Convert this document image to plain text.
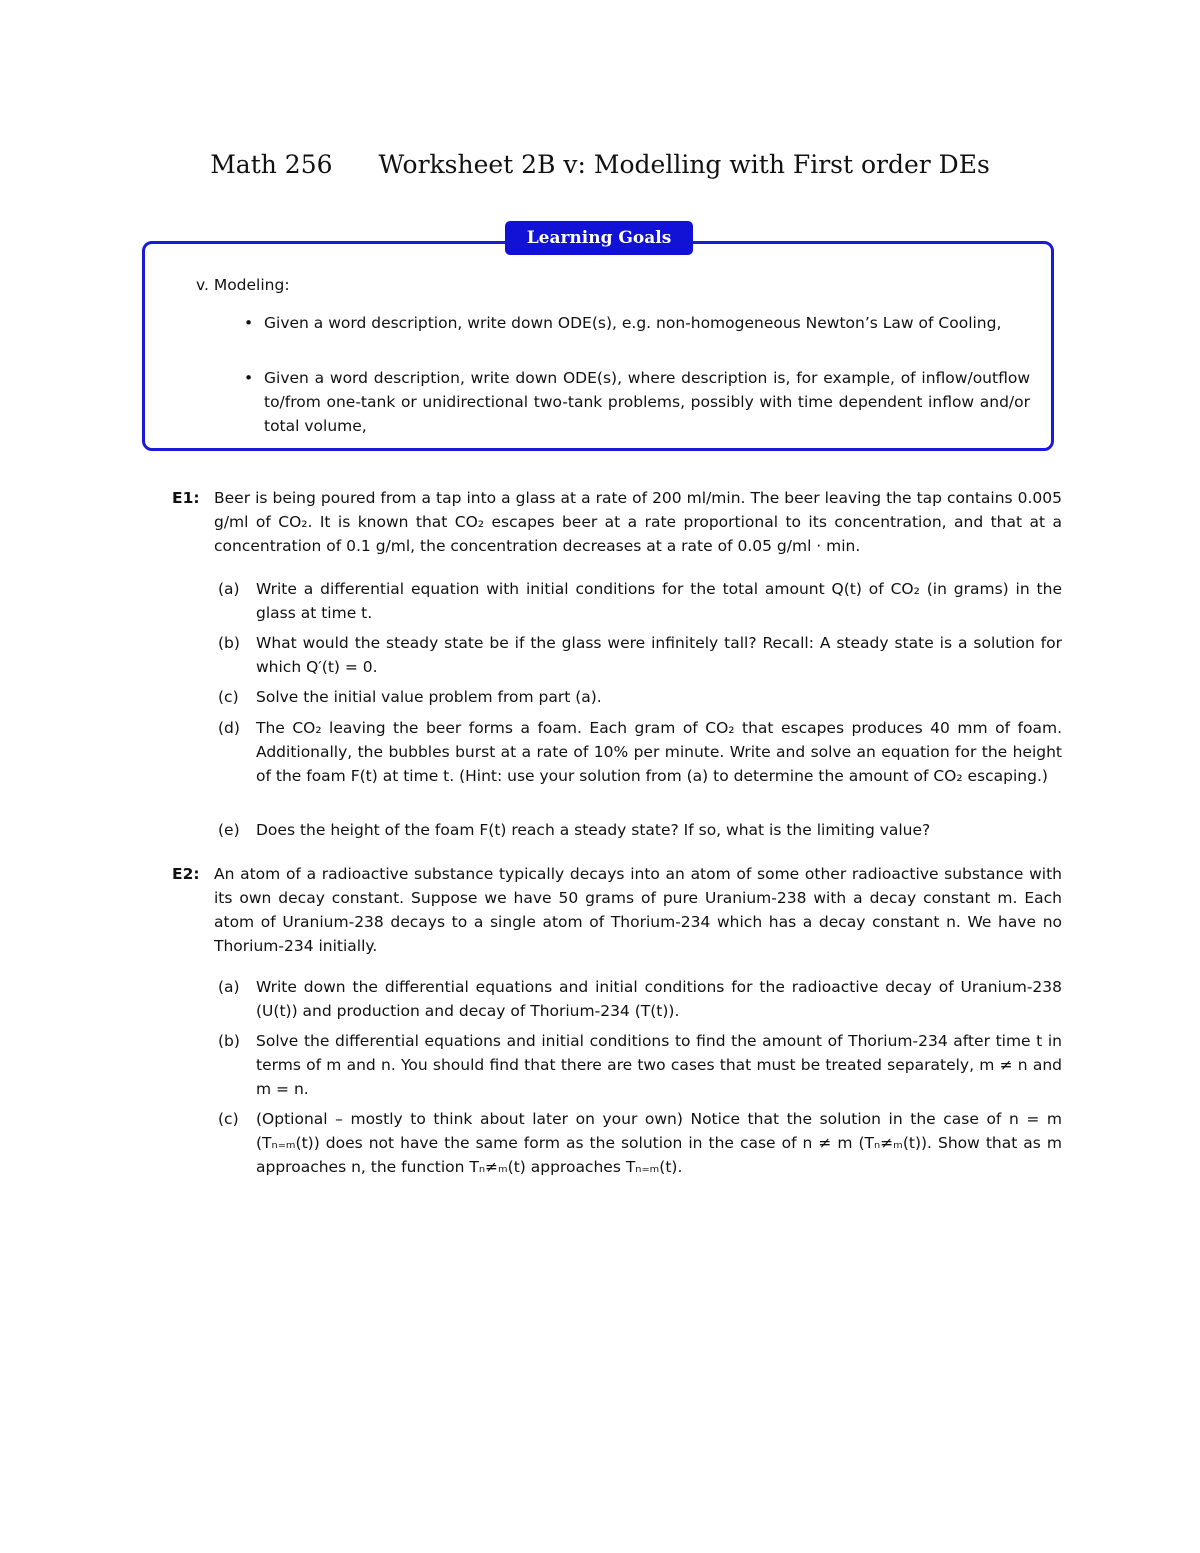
Math 256 Worksheet 2B v: Modelling with First order DEs
Learning Goals
v. Modeling:
• Given a word description, write down ODE(s), e.g. non-homogeneous Newton’s Law of Cooling,
• Given a word description, write down ODE(s), where description is, for example, of inflow/outflow to/from one-tank or unidirectional two-tank problems, possibly with time dependent inflow and/or total volume,
E1: Beer is being poured from a tap into a glass at a rate of 200 ml/min. The beer leaving the tap contains 0.005 g/ml of CO₂. It is known that CO₂ escapes beer at a rate proportional to its concentration, and that at a concentration of 0.1 g/ml, the concentration decreases at a rate of 0.05 g/ml · min.
(a) Write a differential equation with initial conditions for the total amount Q(t) of CO₂ (in grams) in the glass at time t.
(b) What would the steady state be if the glass were infinitely tall? Recall: A steady state is a solution for which Q′(t) = 0.
(c) Solve the initial value problem from part (a).
(d) The CO₂ leaving the beer forms a foam. Each gram of CO₂ that escapes produces 40 mm of foam. Additionally, the bubbles burst at a rate of 10% per minute. Write and solve an equation for the height of the foam F(t) at time t. (Hint: use your solution from (a) to determine the amount of CO₂ escaping.)
(e) Does the height of the foam F(t) reach a steady state? If so, what is the limiting value?
E2: An atom of a radioactive substance typically decays into an atom of some other radioactive substance with its own decay constant. Suppose we have 50 grams of pure Uranium-238 with a decay constant m. Each atom of Uranium-238 decays to a single atom of Thorium-234 which has a decay constant n. We have no Thorium-234 initially.
(a) Write down the differential equations and initial conditions for the radioactive decay of Uranium-238 (U(t)) and production and decay of Thorium-234 (T(t)).
(b) Solve the differential equations and initial conditions to find the amount of Thorium-234 after time t in terms of m and n. You should find that there are two cases that must be treated separately, m ≠ n and m = n.
(c) (Optional – mostly to think about later on your own) Notice that the solution in the case of n = m (Tₙ₌ₘ(t)) does not have the same form as the solution in the case of n ≠ m (Tₙ≠ₘ(t)). Show that as m approaches n, the function Tₙ≠ₘ(t) approaches Tₙ₌ₘ(t).
